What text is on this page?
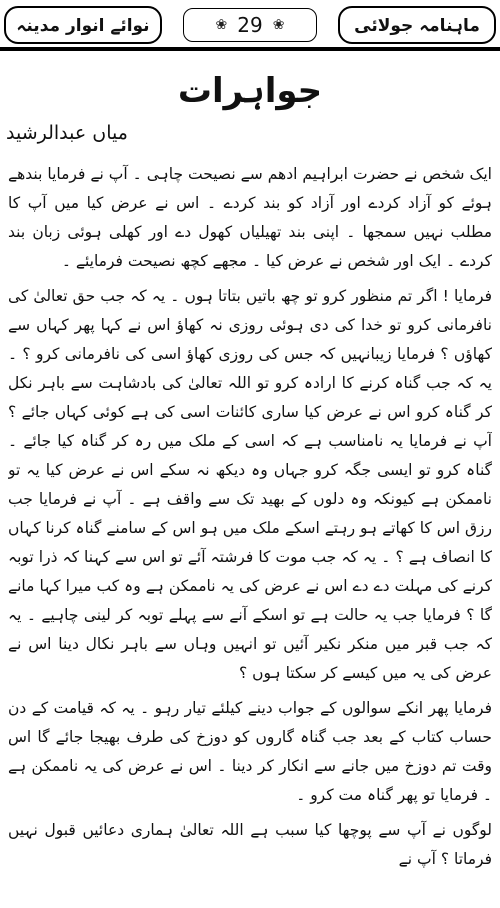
نوائے انوار مدینہ	❀ 29 ❀	ماہنامہ جولائی
جواہرات
میاں عبدالرشید

ایک شخص نے حضرت ابراہیم ادھم سے نصیحت چاہی ۔ آپ نے فرمایا بندھے ہوئے کو آزاد کردے اور آزاد کو بند کردے ۔ اس نے عرض کیا میں آپ کا مطلب نہیں سمجھا ۔ اپنی بند تھیلیاں کھول دے اور کھلی ہوئی زبان بند کردے ۔ ایک اور شخص نے عرض کیا ۔ مجھے کچھ نصیحت فرمایئے ۔

فرمایا ! اگر تم منظور کرو تو چھ باتیں بتاتا ہوں ۔ یہ کہ جب حق تعالیٰ کی نافرمانی کرو تو خدا کی دی ہوئی روزی نہ کھاؤ اس نے کہا پھر کہاں سے کھاؤں ؟ فرمایا زیبانہیں کہ جس کی روزی کھاؤ اسی کی نافرمانی کرو ؟ ۔ یہ کہ جب گناہ کرنے کا ارادہ کرو تو اللہ تعالیٰ کی بادشاہت سے باہر نکل کر گناہ کرو اس نے عرض کیا ساری کائنات اسی کی ہے کوئی کہاں جائے ؟ آپ نے فرمایا یہ نامناسب ہے کہ اسی کے ملک میں رہ کر گناہ کیا جائے ۔ گناہ کرو تو ایسی جگہ کرو جہاں وہ دیکھ نہ سکے اس نے عرض کیا یہ تو ناممکن ہے کیونکہ وہ دلوں کے بھید تک سے واقف ہے ۔ آپ نے فرمایا جب رزق اس کا کھاتے ہو رہتے اسکے ملک میں ہو اس کے سامنے گناہ کرنا کہاں کا انصاف ہے ؟ ۔ یہ کہ جب موت کا فرشتہ آئے تو اس سے کہنا کہ ذرا توبہ کرنے کی مہلت دے دے اس نے عرض کی یہ ناممکن ہے وہ کب میرا کہا مانے گا ؟ فرمایا جب یہ حالت ہے تو اسکے آنے سے پہلے توبہ کر لینی چاہیے ۔ یہ کہ جب قبر میں منکر نکیر آئیں تو انہیں وہاں سے باہر نکال دینا اس نے عرض کی یہ میں کیسے کر سکتا ہوں ؟

فرمایا پھر انکے سوالوں کے جواب دینے کیلئے تیار رہو ۔ یہ کہ قیامت کے دن حساب کتاب کے بعد جب گناہ گاروں کو دوزخ کی طرف بھیجا جائے گا اس وقت تم دوزخ میں جانے سے انکار کر دینا ۔ اس نے عرض کی یہ ناممکن ہے ۔ فرمایا تو پھر گناہ مت کرو ۔

لوگوں نے آپ سے پوچھا کیا سبب ہے اللہ تعالیٰ ہماری دعائیں قبول نہیں فرماتا ؟ آپ نے
